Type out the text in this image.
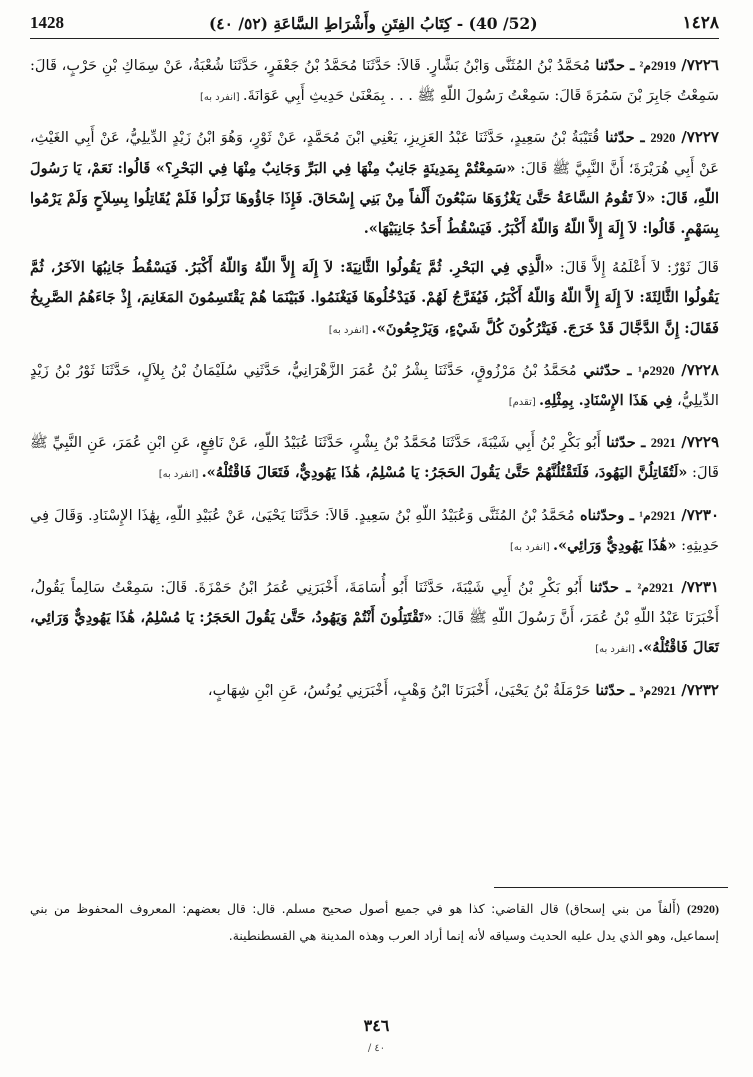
1428	(52/ 40) - كِتَابُ الفِتَنِ وأَشْرَاطِ السَّاعَةِ (٥٢/ ٤٠)	١٤٢٨

٧٢٢٦/ 2919م² ـ حدّثنا مُحَمَّدُ بْنُ المُثَنَّى وَابْنُ بَشَّارٍ. قَالاَ: حَدَّثَنَا مُحَمَّدُ بْنُ جَعْفَرٍ، حَدَّثَنَا شُعْبَةُ، عَنْ سِمَاكِ بْنِ حَرْبٍ، قَالَ: سَمِعْتُ جَابِرَ بْنَ سَمُرَةَ قَالَ: سَمِعْتُ رَسُولَ اللّهِ ﷺ . . . بِمَعْنَىٰ حَدِيثِ أَبِي عَوَانَةَ. [انفرد به]

٧٢٢٧/ 2920 ـ حدّثنا قُتَيْبَةُ بْنُ سَعِيدٍ، حَدَّثَنَا عَبْدُ العَزِيزِ، يَعْنِي ابْنَ مُحَمَّدٍ، عَنْ ثَوْرٍ، وَهُوَ ابْنُ زَيْدٍ الدِّيلِيُّ، عَنْ أَبِي الغَيْثِ، عَنْ أَبِي هُرَيْرَةَ؛ أَنَّ النَّبِيَّ ﷺ قَالَ: «سَمِعْتُمْ بِمَدِينَةٍ جَانِبٌ مِنْهَا فِي البَرِّ وَجَانِبٌ مِنْهَا فِي البَحْرِ؟» قَالُوا: نَعَمْ، يَا رَسُولَ اللّهِ، قَالَ: «لاَ تَقُومُ السَّاعَةُ حَتَّىٰ يَغْزُوَهَا سَبْعُونَ أَلْفاً مِنْ بَنِي إِسْحَاقَ. فَإِذَا جَاؤُوهَا نَزَلُوا فَلَمْ يُقَاتِلُوا بِسِلاَحٍ وَلَمْ يَرْمُوا بِسَهْمٍ. قَالُوا: لاَ إِلَهَ إِلاَّ اللّهُ وَاللّهُ أَكْبَرُ. فَيَسْقُطُ أَحَدُ جَانِبَيْهَا».

قَالَ ثَوْرٌ: لاَ أَعْلَمُهُ إِلاَّ قَالَ: «الَّذِي فِي البَحْرِ. ثُمَّ يَقُولُوا الثَّانِيَةَ: لاَ إِلَهَ إِلاَّ اللّهُ وَاللّهُ أَكْبَرُ. فَيَسْقُطُ جَانِبُهَا الآخَرُ، ثُمَّ يَقُولُوا الثَّالِثَةَ: لاَ إِلَهَ إِلاَّ اللّهُ وَاللّهُ أَكْبَرُ، فَيُفَرَّجُ لَهُمْ. فَيَدْخُلُوهَا فَيَغْنَمُوا. فَبَيْنَمَا هُمْ يَقْتَسِمُونَ المَغَانِمَ، إِذْ جَاءَهُمُ الصَّرِيخُ فَقَالَ: إِنَّ الدَّجَّالَ قَدْ خَرَجَ. فَيَتْرُكُونَ كُلَّ شَيْءٍ، وَيَرْجِعُونَ». [انفرد به]

٧٢٢٨/ 2920م¹ ـ حدّثني مُحَمَّدُ بْنُ مَرْزُوقٍ، حَدَّثَنَا بِشْرُ بْنُ عُمَرَ الزَّهْرَانِيُّ، حَدَّثَنِي سُلَيْمَانُ بْنُ بِلاَلٍ، حَدَّثَنَا ثَوْرُ بْنُ زَيْدٍ الدِّيلِيُّ، فِي هَذَا الإِسْنَادِ. بِمِثْلِهِ. [تقدم]

٧٢٢٩/ 2921 ـ حدّثنا أَبُو بَكْرِ بْنُ أَبِي شَيْبَةَ، حَدَّثَنَا مُحَمَّدُ بْنُ بِشْرٍ، حَدَّثَنَا عُبَيْدُ اللّهِ، عَنْ نَافِعٍ، عَنِ ابْنِ عُمَرَ، عَنِ النَّبِيِّ ﷺ قَالَ: «لَتُقَاتِلُنَّ اليَهُودَ، فَلَتَقْتُلُنَّهُمْ حَتَّىٰ يَقُولَ الحَجَرُ: يَا مُسْلِمُ، هَٰذَا يَهُودِيٌّ، فَتَعَالَ فَاقْتُلْهُ». [انفرد به]

٧٢٣٠/ 2921م¹ ـ وحدّثناه مُحَمَّدُ بْنُ المُثَنَّى وَعُبَيْدُ اللّهِ بْنُ سَعِيدٍ. قَالاَ: حَدَّثَنَا يَحْيَىٰ، عَنْ عُبَيْدِ اللّهِ، بِهَٰذَا الإِسْنَادِ. وَقَالَ فِي حَدِيثِهِ: «هَٰذَا يَهُودِيٌّ وَرَائِي». [انفرد به]

٧٢٣١/ 2921م² ـ حدّثنا أَبُو بَكْرِ بْنُ أَبِي شَيْبَةَ، حَدَّثَنَا أَبُو أُسَامَةَ، أَخْبَرَنِي عُمَرُ ابْنُ حَمْزَةَ. قَالَ: سَمِعْتُ سَالِماً يَقُولُ، أَخْبَرَنَا عَبْدُ اللّهِ بْنُ عُمَرَ، أَنَّ رَسُولَ اللّهِ ﷺ قَالَ: «تَقْتَتِلُونَ أَنْتُمْ وَيَهُودُ، حَتَّىٰ يَقُولَ الحَجَرُ: يَا مُسْلِمُ، هَٰذَا يَهُودِيٌّ وَرَائِي، تَعَالَ فَاقْتُلْهُ». [انفرد به]

٧٢٣٢/ 2921م³ ـ حدّثنا حَرْمَلَةُ بْنُ يَحْيَىٰ، أَخْبَرَنَا ابْنُ وَهْبٍ، أَخْبَرَنِي يُونُسُ، عَنِ ابْنِ شِهَابٍ،

(2920) (أَلفاً من بني إسحاق) قال القاضي: كذا هو في جميع أصول صحيح مسلم. قال: قال بعضهم: المعروف المحفوظ من بني إسماعيل، وهو الذي يدل عليه الحديث وسياقه لأنه إنما أراد العرب وهذه المدينة هي القسطنطينة.
٣٤٦
/ ٤٠
